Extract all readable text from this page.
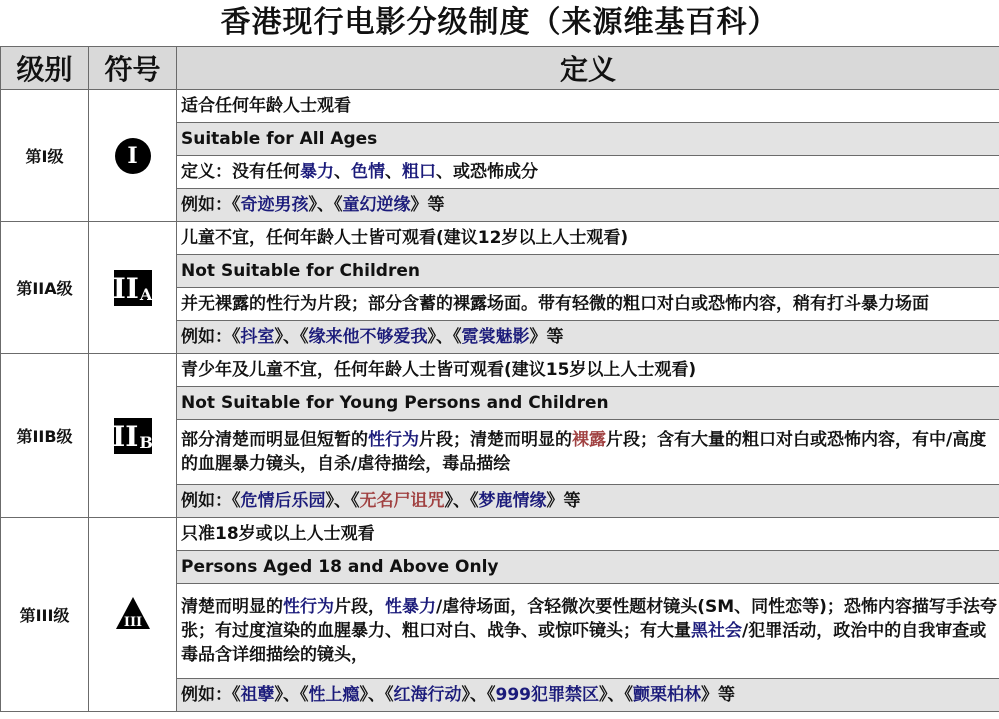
香港现行电影分级制度（来源维基百科）
级别	符号	定义
第I级	I	适合任何年龄人士观看
		Suitable for All Ages
		定义：没有任何暴力、色情、粗口、或恐怖成分
		例如：《奇迹男孩》、《童幻逆缘》等
第IIA级	II A	儿童不宜，任何年龄人士皆可观看(建议12岁以上人士观看)
		Not Suitable for Children
		并无裸露的性行为片段；部分含蓄的裸露场面。带有轻微的粗口对白或恐怖内容，稍有打斗暴力场面
		例如：《抖室》、《缘来他不够爱我》、《霓裳魅影》等
第IIB级	II B	青少年及儿童不宜，任何年龄人士皆可观看(建议15岁以上人士观看)
		Not Suitable for Young Persons and Children
		部分清楚而明显但短暂的性行为片段；清楚而明显的裸露片段；含有大量的粗口对白或恐怖内容，有中/高度的血腥暴力镜头，自杀/虐待描绘，毒品描绘
		例如：《危情后乐园》、《无名尸诅咒》、《梦鹿情缘》等
第III级	III	只准18岁或以上人士观看
		Persons Aged 18 and Above Only
		清楚而明显的性行为片段，性暴力/虐待场面，含轻微次要性题材镜头(SM、同性恋等)；恐怖内容描写手法夸张；有过度渲染的血腥暴力、粗口对白、战争、或惊吓镜头；有大量黑社会/犯罪活动，政治中的自我审查或毒品含详细描绘的镜头，
		例如：《祖孽》、《性上瘾》、《红海行动》、《999犯罪禁区》、《颤栗柏林》等
